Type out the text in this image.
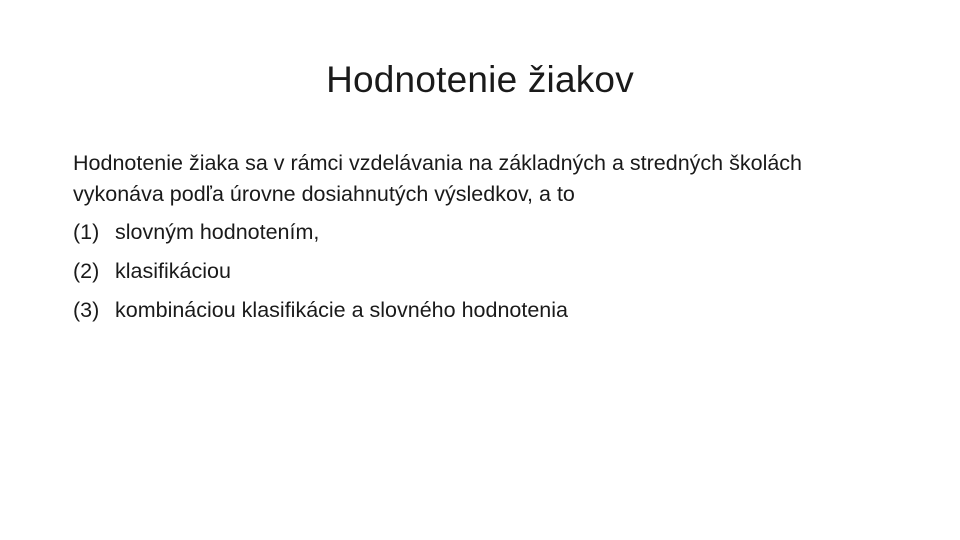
Hodnotenie žiakov

Hodnotenie žiaka sa v rámci vzdelávania na základných a stredných školách vykonáva podľa úrovne dosiahnutých výsledkov, a to

(1) slovným hodnotením,
(2) klasifikáciou
(3) kombináciou klasifikácie a slovného hodnotenia
